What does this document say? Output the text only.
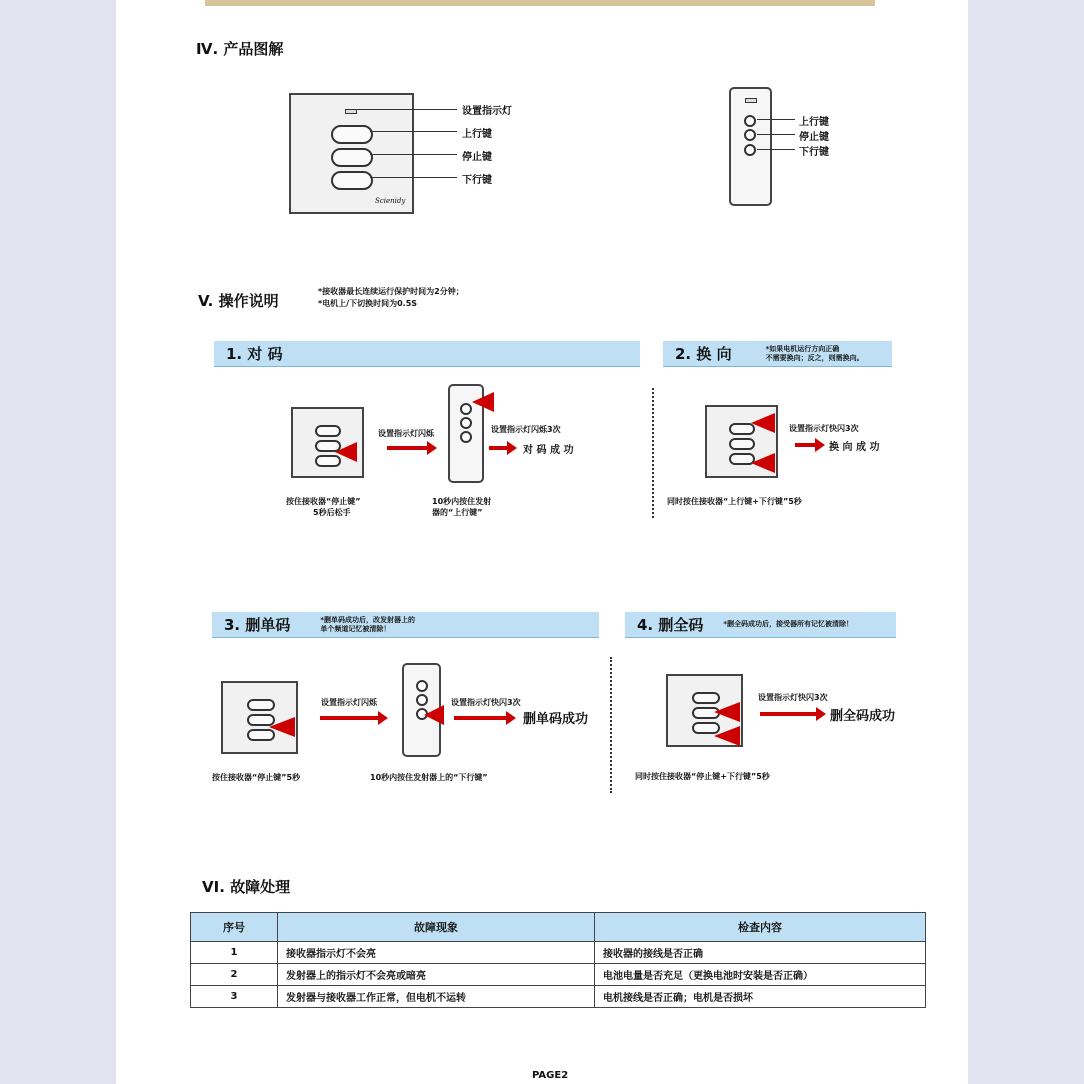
Ⅳ. 产品图解
Scienidy
设置指示灯
上行键
停止键
下行键
上行键
停止键
下行键
V. 操作说明
*接收器最长连续运行保护时间为2分钟；
*电机上/下切换时间为0.5S
1. 对 码
设置指示灯闪烁	设置指示灯闪烁3次
对 码 成 功
按住接收器“停止键”
5秒后松手
10秒内按住发射
器的“上行键”
2. 换 向	*如果电机运行方向正确
不需要换向；反之，则需换向。
设置指示灯快闪3次
换 向 成 功
同时按住接收器“上行键+下行键”5秒
3. 删单码	*删单码成功后，改发射器上的
单个频道记忆被清除！
设置指示灯闪烁	设置指示灯快闪3次
删单码成功
按住接收器“停止键”5秒	10秒内按住发射器上的“下行键”
4. 删全码	*删全码成功后，接受器所有记忆被清除！
设置指示灯快闪3次
删全码成功
同时按住接收器“停止键+下行键”5秒
VI. 故障处理
序号	故障现象	检查内容
1	接收器指示灯不会亮	接收器的接线是否正确
2	发射器上的指示灯不会亮或暗亮	电池电量是否充足（更换电池时安装是否正确）
3	发射器与接收器工作正常，但电机不运转	电机接线是否正确；电机是否损坏
PAGE2
